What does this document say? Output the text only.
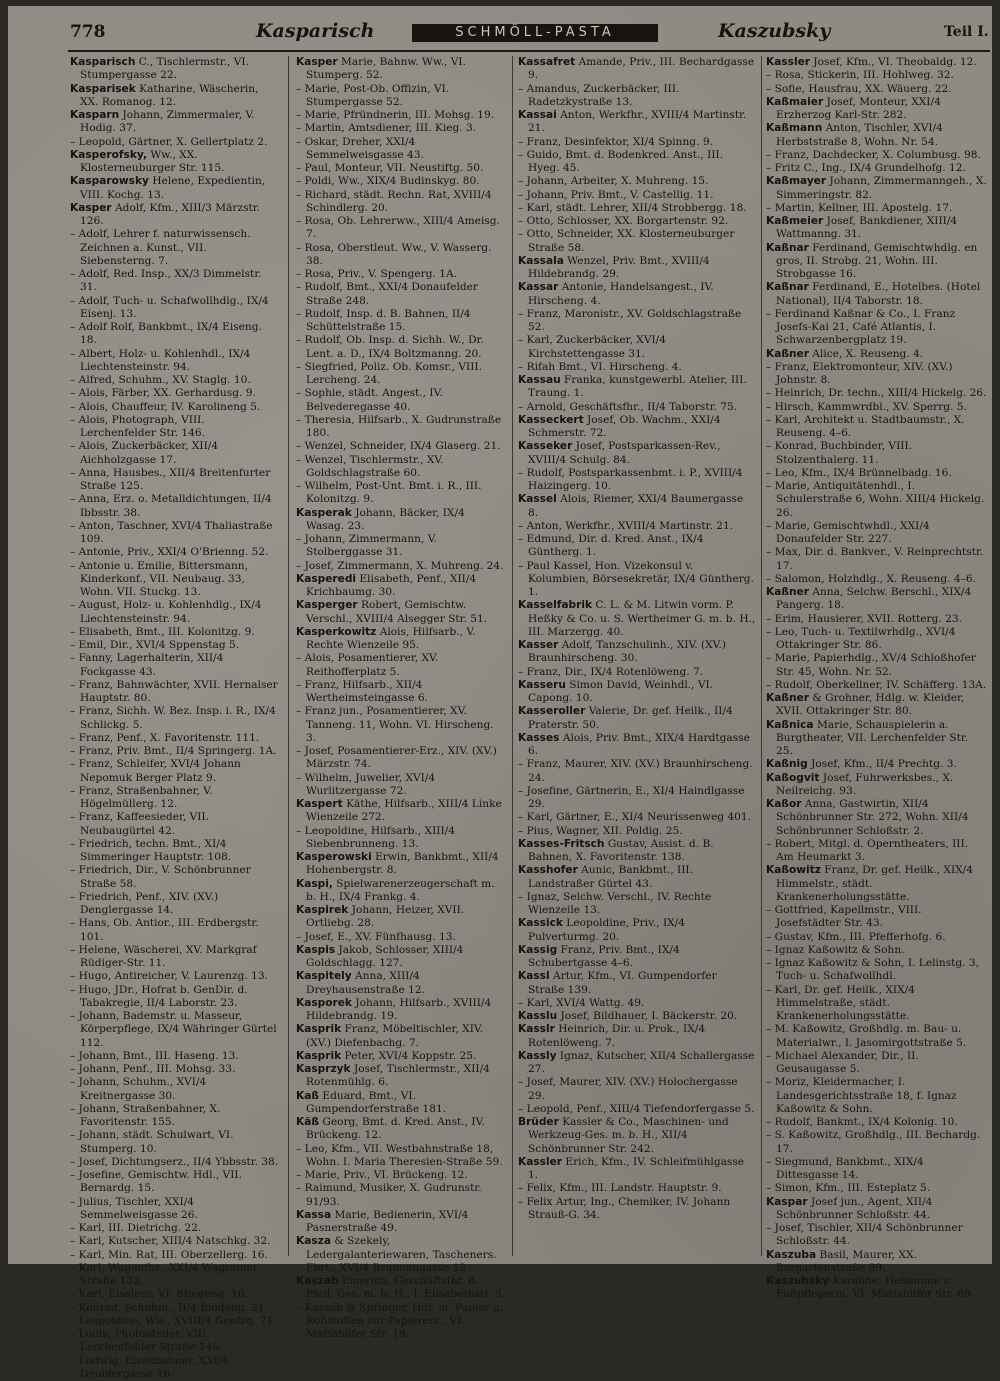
778	Kasparisch	SCHMÖLL-PASTA	Kaszubsky	Teil I.

Kasparisch C., Tischlermstr., VI. Stumpergasse 22.

Kasparisek Katharine, Wäscherin, XX. Romanog. 12.

Kasparn Johann, Zimmermaler, V. Hodig. 37.

– Leopold, Gärtner, X. Gellertplatz 2.

Kasperofsky, Ww., XX. Klosterneuburger Str. 115.

Kasparowsky Helene, Expedientin, VIII. Kochg. 13.

Kasper Adolf, Kfm., XIII/3 Märzstr. 126.

– Adolf, Lehrer f. naturwissensch. Zeichnen a. Kunst., VII. Siebensterng. 7.

– Adolf, Red. Insp., XX/3 Dimmelstr. 31.

– Adolf, Tuch- u. Schafwollhdlg., IX/4 Eisenj. 13.

– Adolf Rolf, Bankbmt., IX/4 Eiseng. 18.

– Albert, Holz- u. Kohlenhdl., IX/4 Liechtensteinstr. 94.

– Alfred, Schuhm., XV. Staglg. 10.

– Alois, Färber, XX. Gerhardusg. 9.

– Alois, Chauffeur, IV. Karolineng 5.

– Alois, Photograph, VIII. Lerchenfelder Str. 146.

– Alois, Zuckerbäcker, XII/4 Aichholzgasse 17.

– Anna, Hausbes., XII/4 Breitenfurter Straße 125.

– Anna, Erz. o. Metalldichtungen, II/4 Ibbsstr. 38.

– Anton, Taschner, XVI/4 Thaliastraße 109.

– Antonie, Priv., XXI/4 O'Brienng. 52.

– Antonie u. Emilie, Bittersmann, Kinderkonf., VII. Neubaug. 33, Wohn. VII. Stuckg. 13.

– August, Holz- u. Kohlenhdlg., IX/4 Liechtensteinstr. 94.

– Elisabeth, Bmt., III. Kolonitzg. 9.

– Emil, Dir., XVI/4 Sppenstag 5.

– Fanny, Lagerhalterin, XII/4 Fockgasse 43.

– Franz, Bahnwächter, XVII. Hernalser Hauptstr. 80.

– Franz, Sichh. W. Bez. Insp. i. R., IX/4 Schlickg. 5.

– Franz, Penf., X. Favoritenstr. 111.

– Franz, Priv. Bmt., II/4 Springerg. 1A.

– Franz, Schleifer, XVI/4 Johann Nepomuk Berger Platz 9.

– Franz, Straßenbahner, V. Högelmüllerg. 12.

– Franz, Kaffeesieder, VII. Neubaugürtel 42.

– Friedrich, techn. Bmt., XI/4 Simmeringer Hauptstr. 108.

– Friedrich, Dir., V. Schönbrunner Straße 58.

– Friedrich, Penf., XIV. (XV.) Denglergasse 14.

– Hans, Ob. Antior., III. Erdbergstr. 101.

– Helene, Wäscherei, XV. Markgraf Rüdiger-Str. 11.

– Hugo, Antireicher, V. Laurenzg. 13.

– Hugo, JDr., Hofrat b. GenDir. d. Tabakregie, II/4 Laborstr. 23.

– Johann, Bademstr. u. Masseur, Körperpflege, IX/4 Währinger Gürtel 112.

– Johann, Bmt., III. Haseng. 13.

– Johann, Penf., III. Mohsg. 33.

– Johann, Schuhm., XVI/4 Kreitnergasse 30.

– Johann, Straßenbahner, X. Favoritenstr. 155.

– Johann, städt. Schulwart, VI. Stumperg. 10.

– Josef, Dichtungserz., II/4 Ybbsstr. 38.

– Josefine, Gemischtw. Hdl., VII. Bernardg. 15.

– Julius, Tischler, XXI/4 Semmelweisgasse 26.

– Karl, III. Dietrichg. 22.

– Karl, Kutscher, XIII/4 Natschkg. 32.

– Karl, Min. Rat, III. Oberzellerg. 16.

– Karl, Wagenfhr., XXI/4 Wagramer Straße 132.

– Karl, Eiseleur, VI. Stiegeng. 16.

– Konrad, Schuhm., II/4 Blodeng. 21.

– Leopoldine, Ww., XVIII/4 Gentzg. 71.

– Louis, Photoateiler, VIII. Lerchenfelder Straße 146.

– Ludwig, Eisenbahner, XXI/4 Deublergasse 16.

Kasper Marie, Bahnw. Ww., VI. Stumperg. 52.

– Marie, Post-Ob. Offizin, VI. Stumpergasse 52.

– Marie, Pfründnerin, III. Mohsg. 19.

– Martin, Amtsdiener, III. Kieg. 3.

– Oskar, Dreher, XXI/4 Semmelweisgasse 43.

– Paul, Monteur, VII. Neustiftg. 50.

– Poldi, Ww., XIX/4 Budinskyg. 80.

– Richard, städt. Rechn. Rat, XVIII/4 Schindlerg. 20.

– Rosa, Ob. Lehrerww., XIII/4 Ameisg. 7.

– Rosa, Oberstleut. Ww., V. Wasserg. 38.

– Rosa, Priv., V. Spengerg. 1A.

– Rudolf, Bmt., XXI/4 Donaufelder Straße 248.

– Rudolf, Insp. d. B. Bahnen, II/4 Schüttelstraße 15.

– Rudolf, Ob. Insp. d. Sichh. W., Dr. Lent. a. D., IX/4 Boltzmanng. 20.

– Siegfried, Poliz. Ob. Komsr., VIII. Lercheng. 24.

– Sophie, städt. Angest., IV. Belvederegasse 40.

– Theresia, Hilfsarb., X. Gudrunstraße 180.

– Wenzel, Schneider, IX/4 Glaserg. 21.

– Wenzel, Tischlermstr., XV. Goldschlagstraße 60.

– Wilhelm, Post-Unt. Bmt. i. R., III. Kolonitzg. 9.

Kasperak Johann, Bäcker, IX/4 Wasag. 23.

– Johann, Zimmermann, V. Stolberggasse 31.

– Josef, Zimmermann, X. Muhreng. 24.

Kasperedi Elisabeth, Penf., XII/4 Krichbaumg. 30.

Kasperger Robert, Gemischtw. Verschl., XVIII/4 Alsegger Str. 51.

Kasperkowitz Alois, Hilfsarb., V. Rechte Wienzeile 95.

– Alois, Posamentierer, XV. Reithofferplatz 5.

– Franz, Hilfsarb., XII/4 Wertheimsteingasse 6.

– Franz jun., Posamentierer, XV. Tanneng. 11, Wohn. VI. Hirscheng. 3.

– Josef, Posamentierer-Erz., XIV. (XV.) Märzstr. 74.

– Wilhelm, Juwelier, XVI/4 Wurlitzergasse 72.

Kaspert Käthe, Hilfsarb., XIII/4 Linke Wienzeile 272.

– Leopoldine, Hilfsarb., XIII/4 Siebenbrunneng. 13.

Kasperowski Erwin, Bankbmt., XII/4 Hohenbergstr. 8.

Kaspi, Spielwarenerzeugerschaft m. b. H., IX/4 Frankg. 4.

Kaspirek Johann, Heizer, XVII. Ortliebg. 28.

– Josef, E., XV. Fünfhausg. 13.

Kaspis Jakob, Schlosser, XIII/4 Goldschlagg. 127.

Kaspitely Anna, XIII/4 Dreyhausenstraße 12.

Kasporek Johann, Hilfsarb., XVIII/4 Hildebrandg. 19.

Kasprik Franz, Möbeltischler, XIV. (XV.) Diefenbachg. 7.

Kasprik Peter, XVI/4 Koppstr. 25.

Kasprzyk Josef, Tischlermstr., XII/4 Rotenmühlg. 6.

Kaß Eduard, Bmt., VI. Gumpendorferstraße 181.

Käß Georg, Bmt. d. Kred. Anst., IV. Brückeng. 12.

– Leo, Kfm., VII. Westbahnstraße 18, Wohn. I. Maria Theresien-Straße 59.

– Marie, Priv., VI. Brückeng. 12.

– Raimund, Musiker, X. Gudrunstr. 91/93.

Kassa Marie, Bedienerin, XVI/4 Pasnerstraße 49.

Kasza & Szekely, Ledergalanteriewaren, Tascheners. Fbrt., XVI/4 Brunnengasse 12.

Kaszab Emerich, Geschäftsfhr. d. Pfeil, Ges. m. b. H., I. Elisabethstr. 5.

– Kaszab & Springer, Hdl. m. Papier u. Rohstoffen zur Papiererz., VI. Mariahilfer Str. 19.

Kassafret Amande, Priv., III. Bechardgasse 9.

– Amandus, Zuckerbäcker, III. Radetzkystraße 13.

Kassai Anton, Werkfhr., XVIII/4 Martinstr. 21.

– Franz, Desinfektor, XI/4 Spinng. 9.

– Guido, Bmt. d. Bodenkred. Anst., III. Hyeg. 45.

– Johann, Arbeiter, X. Muhreng. 15.

– Johann, Priv. Bmt., V. Castellig. 11.

– Karl, städt. Lehrer, XII/4 Strobbergg. 18.

– Otto, Schlosser, XX. Borgartenstr. 92.

– Otto, Schneider, XX. Klosterneuburger Straße 58.

Kassala Wenzel, Priv. Bmt., XVIII/4 Hildebrandg. 29.

Kassar Antonie, Handelsangest., IV. Hirscheng. 4.

– Franz, Maronistr., XV. Goldschlagstraße 52.

– Karl, Zuckerbäcker, XVI/4 Kirchstettengasse 31.

– Rifah Bmt., VI. Hirscheng. 4.

Kassau Franka, kunstgewerbl. Atelier, III. Traung. 1.

– Arnold, Geschäftsfhr., II/4 Taborstr. 75.

Kasseckert Josef, Ob. Wachm., XXI/4 Schmerstr. 72.

Kasseker Josef, Postsparkassen-Rev., XVIII/4 Schulg. 84.

– Rudolf, Postsparkassenbmt. i. P., XVIII/4 Haizingerg. 10.

Kassel Alois, Riemer, XXI/4 Baumergasse 8.

– Anton, Werkfhr., XVIII/4 Martinstr. 21.

– Edmund, Dir. d. Kred. Anst., IX/4 Güntherg. 1.

– Paul Kassel, Hon. Vizekonsul v. Kolumbien, Börsesekretär, IX/4 Güntherg. 1.

Kasselfabrik C. L. & M. Litwin vorm. P. Heßky & Co. u. S. Wertheimer G. m. b. H., III. Marzergg. 40.

Kasser Adolf, Tanzschulinh., XIV. (XV.) Braunhirscheng. 30.

– Franz, Dir., IX/4 Rotenlöweng. 7.

Kasseru Simon David, Weinhdl., VI. Capong. 10.

Kasseroller Valerie, Dr. gef. Heilk., II/4 Praterstr. 50.

Kasses Alois, Priv. Bmt., XIX/4 Hardtgasse 6.

– Franz, Maurer, XIV. (XV.) Braunhirscheng. 24.

– Josefine, Gärtnerin, E., XI/4 Haindlgasse 29.

– Karl, Gärtner, E., XI/4 Neurissenweg 401.

– Pius, Wagner, XII. Poldig. 25.

Kasses-Fritsch Gustav, Assist. d. B. Bahnen, X. Favoritenstr. 138.

Kasshofer Aunic, Bankbmt., III. Landstraßer Gürtel 43.

– Ignaz, Selchw. Verschl., IV. Rechte Wienzeile 13.

Kassick Leopoldine, Priv., IX/4 Pulverturmg. 20.

Kassig Franz, Priv. Bmt., IX/4 Schubertgasse 4–6.

Kassl Artur, Kfm., VI. Gumpendorfer Straße 139.

– Karl, XVI/4 Wattg. 49.

Kasslu Josef, Bildhauer, I. Bäckerstr. 20.

Kasslr Heinrich, Dir. u. Prok., IX/4 Rotenlöweng. 7.

Kassly Ignaz, Kutscher, XII/4 Schallergasse 27.

– Josef, Maurer, XIV. (XV.) Holochergasse 29.

– Leopold, Penf., XIII/4 Tiefendorfergasse 5.

Brüder Kassler & Co., Maschinen- und Werkzeug-Ges. m. b. H., XII/4 Schönbrunner Str. 242.

Kassler Erich, Kfm., IV. Schleifmühlgasse 1.

– Felix, Kfm., III. Landstr. Hauptstr. 9.

– Felix Artur, Ing., Chemiker, IV. Johann Strauß-G. 34.

Kassler Josef, Kfm., VI. Theobaldg. 12.

– Rosa, Stickerin, III. Hohlweg. 32.

– Sofie, Hausfrau, XX. Wäuerg. 22.

Kaßmaier Josef, Monteur, XXI/4 Erzherzog Karl-Str. 282.

Kaßmann Anton, Tischler, XVI/4 Herbststraße 8, Wohn. Nr. 54.

– Franz, Dachdecker, X. Columbusg. 98.

– Fritz C., Ing., IX/4 Grundelhofg. 12.

Kaßmayer Johann, Zimmermanngeh., X. Simmeringstr. 82.

– Martin, Kellner, III. Apostelg. 17.

Kaßmeier Josef, Bankdiener, XIII/4 Wattmanng. 31.

Kaßnar Ferdinand, Gemischtwhdlg. en gros, II. Strobg. 21, Wohn. III. Strobgasse 16.

Kaßnar Ferdinand, E., Hotelbes. (Hotel National), II/4 Taborstr. 18.

– Ferdinand Kaßnar & Co., I. Franz Josefs-Kai 21, Café Atlantis, I. Schwarzenbergplatz 19.

Kaßner Alice, X. Reuseng. 4.

– Franz, Elektromonteur, XIV. (XV.) Johnstr. 8.

– Heinrich, Dr. techn., XIII/4 Hickelg. 26.

– Hirsch, Kammwrdbl., XV. Sperrg. 5.

– Karl, Architekt u. Stadtbaumstr., X. Reuseng. 4–6.

– Konrad, Buchbinder, VIII. Stolzenthalerg. 11.

– Leo, Kfm., IX/4 Brünnelbadg. 16.

– Marie, Antiquitätenhdl., I. Schulerstraße 6, Wohn. XIII/4 Hickelg. 26.

– Marie, Gemischtwhdl., XXI/4 Donaufelder Str. 227.

– Max, Dir. d. Bankver., V. Reinprechtstr. 17.

– Salomon, Holzhdlg., X. Reuseng. 4–6.

Kaßner Anna, Selchw. Berschl., XIX/4 Pangerg. 18.

– Erim, Hausierer, XVII. Rotterg. 23.

– Leo, Tuch- u. Textilwrhdlg., XVI/4 Ottakringer Str. 86.

– Marie, Papierhdlg., XV/4 Schloßhofer Str. 45, Wohn. Nr. 52.

– Rudolf, Oberkellner, IV. Schäfferg. 13A.

Kaßner & Grohner, Hdlg. w. Kleider, XVII. Ottakringer Str. 80.

Kaßnica Marie, Schauspielerin a. Burgtheater, VII. Lerchenfelder Str. 25.

Kaßnig Josef, Kfm., II/4 Prechtg. 3.

Kaßogvit Josef, Fuhrwerksbes., X. Neilreichg. 93.

Kaßor Anna, Gastwirtin, XII/4 Schönbrunner Str. 272, Wohn. XII/4 Schönbrunner Schloßstr. 2.

– Robert, Mitgl. d. Operntheaters, III. Am Heumarkt 3.

Kaßowitz Franz, Dr. gef. Heilk., XIX/4 Himmelstr., städt. Krankenerholungsstätte.

– Gottfried, Kapellmstr., VIII. Josefstädter Str. 43.

– Gustav, Kfm., III. Pfefferhofg. 6.

– Ignaz Kaßowitz & Sohn.

– Ignaz Kaßowitz & Sohn, I. Lelinstg. 3, Tuch- u. Schafwollhdl.

– Karl, Dr. gef. Heilk., XIX/4 Himmelstraße, städt. Krankenerholungsstätte.

– M. Kaßowitz, Großhdlg. m. Bau- u. Materialwr., I. Jasomirgottstraße 5.

– Michael Alexander, Dir., II. Geusaugasse 5.

– Moriz, Kleidermacher, I. Landesgerichtsstraße 18, f. Ignaz Kaßowitz & Sohn.

– Rudolf, Bankmt., IX/4 Kolonig. 10.

– S. Kaßowitz, Großhdlg., III. Bechardg. 17.

– Siegmund, Bankbmt., XIX/4 Dittesgasse 14.

– Simon, Kfm., III. Esteplatz 5.

Kaspar Josef jun., Agent, XII/4 Schönbrunner Schloßstr. 44.

– Josef, Tischler, XII/4 Schönbrunner Schloßstr. 44.

Kaszuba Basil, Maurer, XX. Borgartenstraße 89.

Kaszubsky Karoline, Hebamme u. Fußpflegerin, VI. Mariahilfer Str. 69.
